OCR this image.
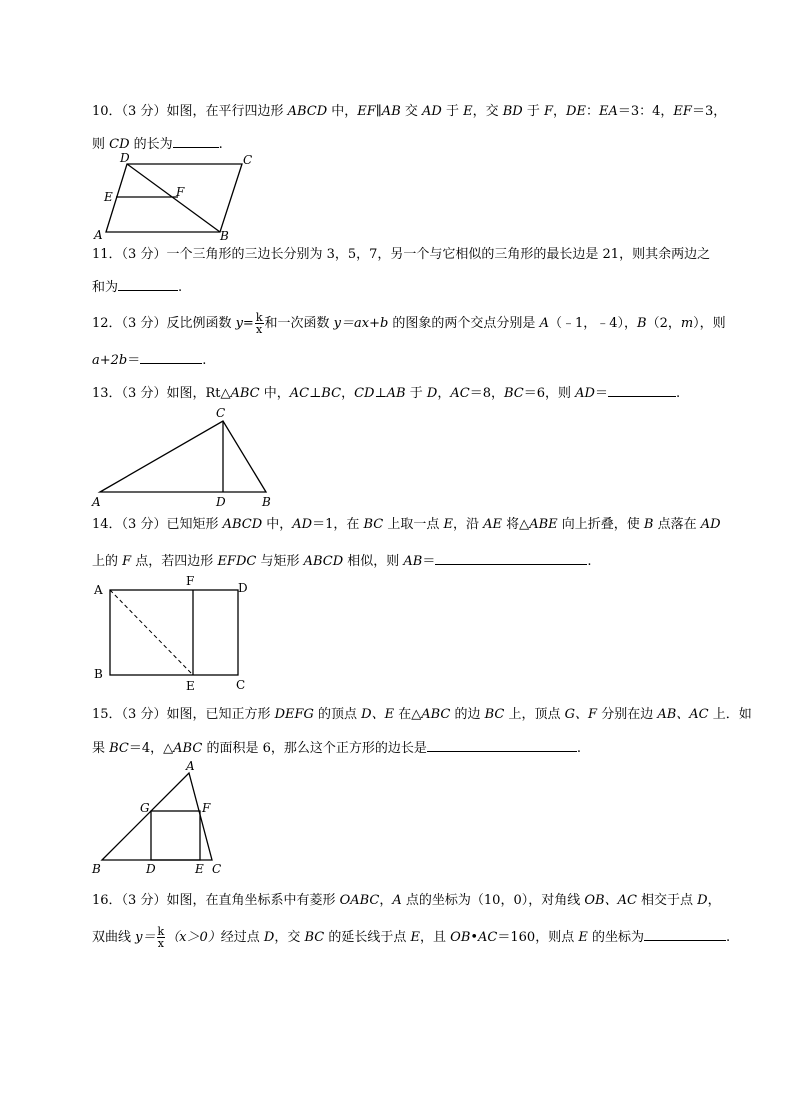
10．（3 分）如图，在平行四边形 ABCD 中，EF∥AB 交 AD 于 E，交 BD 于 F，DE：EA＝3：4，EF＝3，
则 CD 的长为	.
D	C
E	F
A	B
11．（3 分）一个三角形的三边长分别为 3，5，7，另一个与它相似的三角形的最长边是 21，则其余两边之
和为	.
12．（3 分）反比例函数 $y= \frac{k}{x}$ 和一次函数 y＝ax+b 的图象的两个交点分别是 A（﹣1，﹣4），B（2，m），则
a+2b＝	.
13．（3 分）如图，Rt△ABC 中，AC⊥BC，CD⊥AB 于 D，AC＝8，BC＝6，则 AD＝	.
C
A	D	B
14．（3 分）已知矩形 ABCD 中，AD＝1，在 BC 上取一点 E，沿 AE 将△ABE 向上折叠，使 B 点落在 AD
上的 F 点，若四边形 EFDC 与矩形 ABCD 相似，则 AB＝	.
A
F	D
B
E	C
15．（3 分）如图，已知正方形 DEFG 的顶点 D、E 在△ABC 的边 BC 上，顶点 G、F 分别在边 AB、AC 上．如
果 BC＝4，△ABC 的面积是 6，那么这个正方形的边长是	.
A
G	F
B	D	E C
16．（3 分）如图，在直角坐标系中有菱形 OABC，A 点的坐标为（10，0），对角线 OB、AC 相交于点 D，
双曲线 $y= \frac{k}{x} (x>0)$经过点 D，交 BC 的延长线于点 E，且 OB•AC＝160，则点 E 的坐标为	.
